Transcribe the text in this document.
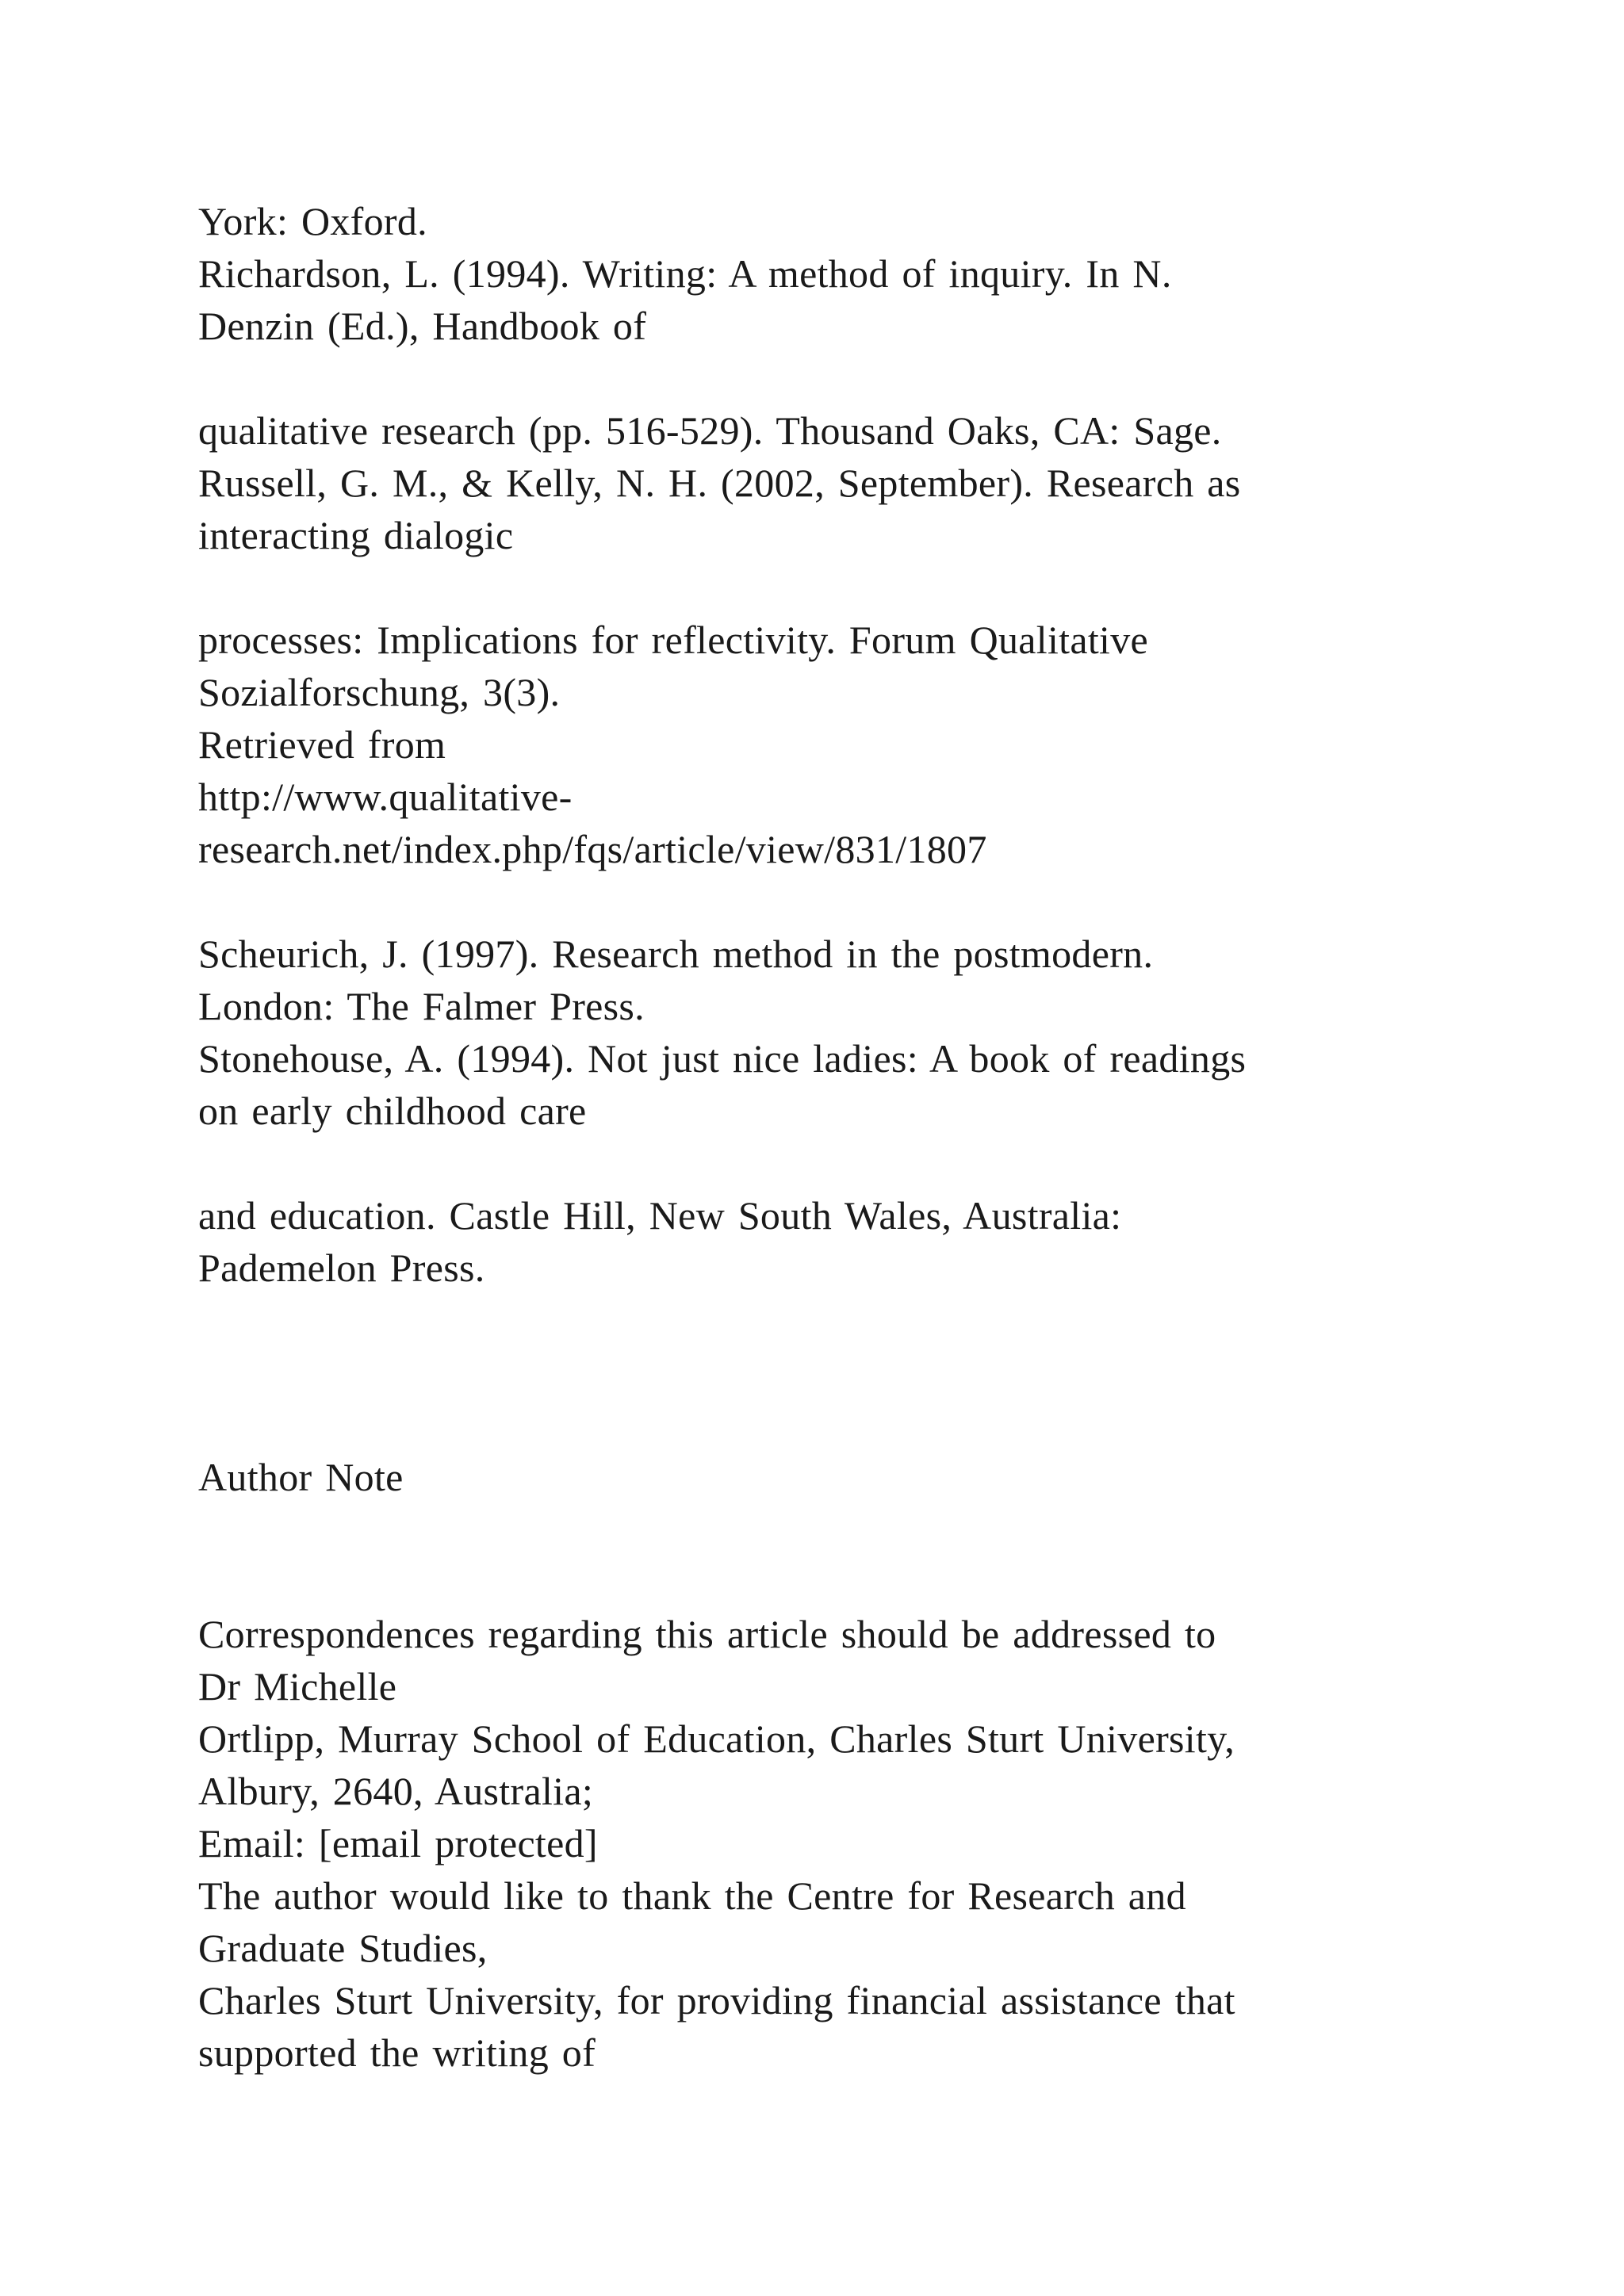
York: Oxford.

Richardson, L. (1994). Writing: A method of inquiry. In N.

Denzin (Ed.), Handbook of

qualitative research (pp. 516-529). Thousand Oaks, CA: Sage.

Russell, G. M., & Kelly, N. H. (2002, September). Research as

interacting dialogic

processes: Implications for reflectivity. Forum Qualitative

Sozialforschung, 3(3).

Retrieved from

http://www.qualitative-

research.net/index.php/fqs/article/view/831/1807

Scheurich, J. (1997). Research method in the postmodern.

London: The Falmer Press.

Stonehouse, A. (1994). Not just nice ladies: A book of readings

on early childhood care

and education. Castle Hill, New South Wales, Australia:

Pademelon Press.

Author Note

Correspondences regarding this article should be addressed to

Dr Michelle

Ortlipp, Murray School of Education, Charles Sturt University,

Albury, 2640, Australia;

Email: [email protected]

The author would like to thank the Centre for Research and

Graduate Studies,

Charles Sturt University, for providing financial assistance that

supported the writing of
